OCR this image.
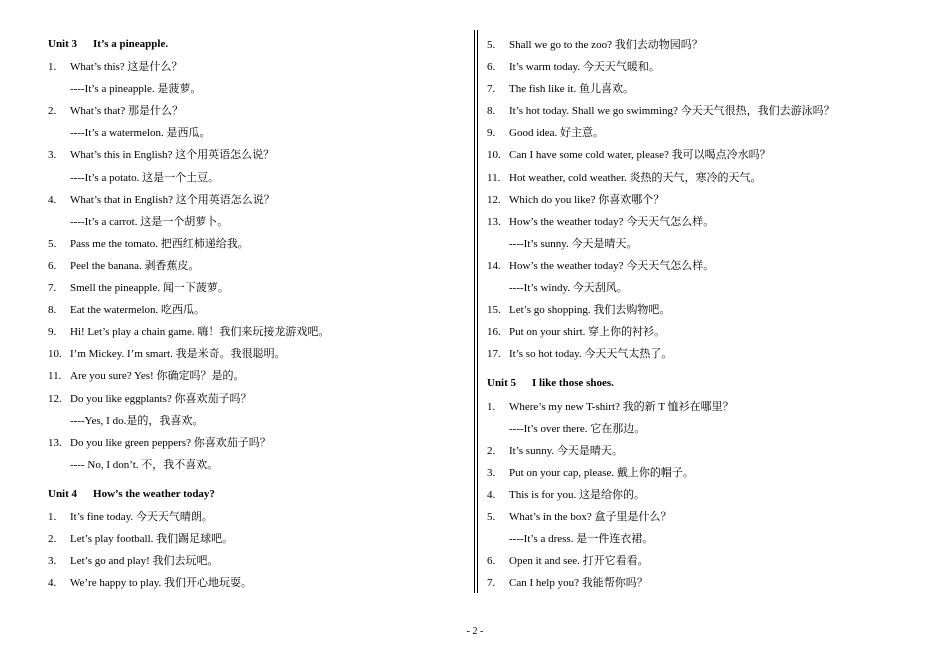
Unit 3 It’s a pineapple.
1. What’s this? 这是什么？
----It’s a pineapple. 是菠萝。
2. What’s that? 那是什么？
----It’s a watermelon. 是西瓜。
3. What’s this in English? 这个用英语怎么说？
----It’s a potato. 这是一个土豆。
4. What’s that in English? 这个用英语怎么说？
----It’s a carrot. 这是一个胡萝卜。
5. Pass me the tomato. 把西红柿递给我。
6. Peel the banana. 剥香蕉皮。
7. Smell the pineapple. 闻一下菠萝。
8. Eat the watermelon. 吃西瓜。
9. Hi! Let’s play a chain game. 嗨！我们来玩接龙游戏吧。
10. I’m Mickey. I’m smart. 我是米奇。我很聪明。
11. Are you sure? Yes! 你确定吗？是的。
12. Do you like eggplants? 你喜欢茄子吗？
----Yes, I do.是的，我喜欢。
13. Do you like green peppers? 你喜欢茄子吗？
---- No, I don’t. 不，我不喜欢。
Unit 4 How’s the weather today?
1. It’s fine today. 今天天气晴朗。
2. Let’s play football. 我们踢足球吧。
3. Let’s go and play! 我们去玩吧。
4. We’re happy to play. 我们开心地玩耍。
5. Shall we go to the zoo? 我们去动物园吗？
6. It’s warm today. 今天天气暖和。
7. The fish like it. 鱼儿喜欢。
8. It’s hot today. Shall we go swimming? 今天天气很热，我们去游泳吗？
9. Good idea. 好主意。
10. Can I have some cold water, please? 我可以喝点冷水吗？
11. Hot weather, cold weather. 炎热的天气，寒冷的天气。
12. Which do you like? 你喜欢哪个？
13. How’s the weather today? 今天天气怎么样。
----It’s sunny. 今天是晴天。
14. How’s the weather today? 今天天气怎么样。
----It’s windy. 今天刮风。
15. Let’s go shopping. 我们去购物吧。
16. Put on your shirt. 穿上你的衬衫。
17. It’s so hot today. 今天天气太热了。
Unit 5 I like those shoes.
1. Where’s my new T-shirt? 我的新 T 恤衫在哪里？
----It’s over there. 它在那边。
2. It’s sunny. 今天是晴天。
3. Put on your cap, please. 戴上你的帽子。
4. This is for you. 这是给你的。
5. What’s in the box? 盒子里是什么？
----It’s a dress. 是一件连衣裙。
6. Open it and see. 打开它看看。
7. Can I help you? 我能帮你吗？
- 2 -
